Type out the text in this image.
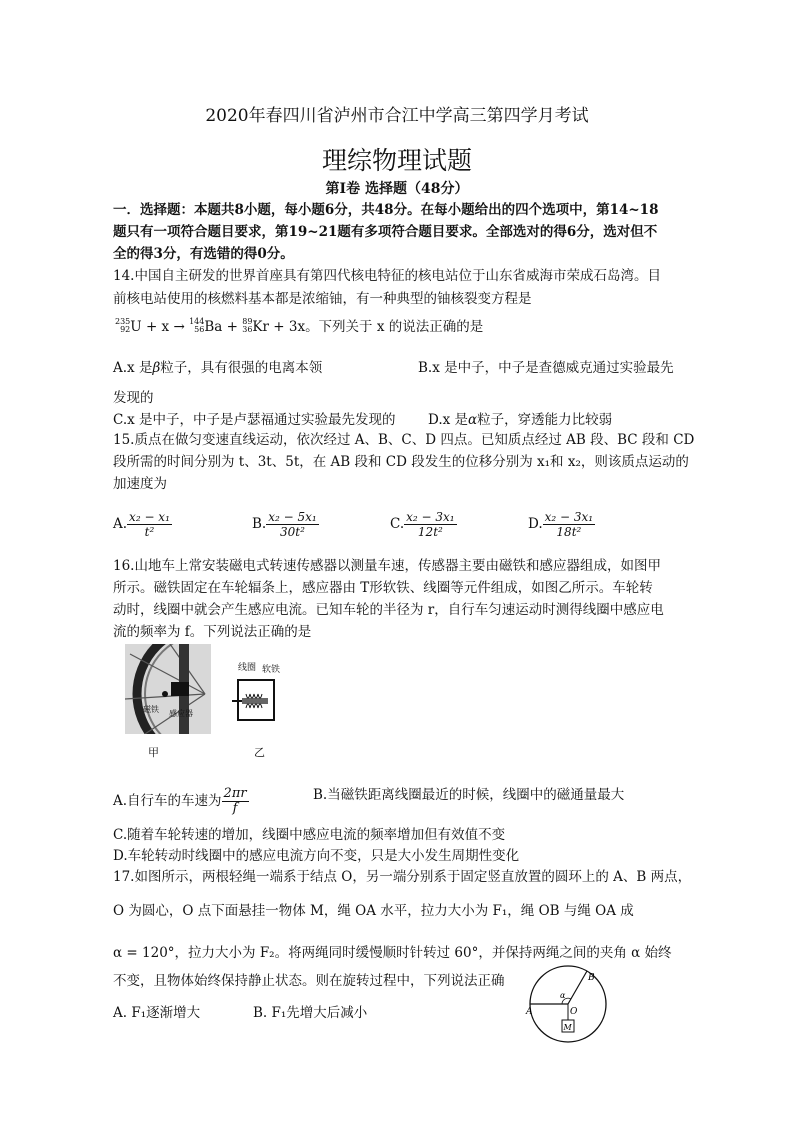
2020年春四川省泸州市合江中学高三第四学月考试
理综物理试题
第Ⅰ卷 选择题（48分）
一．选择题：本题共8小题，每小题6分，共48分。在每小题给出的四个选项中，第14~18
题只有一项符合题目要求，第19~21题有多项符合题目要求。全部选对的得6分，选对但不
全的得3分，有选错的得0分。
14.中国自主研发的世界首座具有第四代核电特征的核电站位于山东省威海市荣成石岛湾。目
前核电站使用的核燃料基本都是浓缩铀，有一种典型的铀核裂变方程是
235
92U + x → 144
56Ba + 89
36Kr + 3x。下列关于 x 的说法正确的是
A.x 是β粒子，具有很强的电离本领	B.x 是中子，中子是查德威克通过实验最先
发现的
C.x 是中子，中子是卢瑟福通过实验最先发现的 D.x 是α粒子，穿透能力比较弱
15.质点在做匀变速直线运动，依次经过 A、B、C、D 四点。已知质点经过 AB 段、BC 段和 CD
段所需的时间分别为 t、3t、5t，在 AB 段和 CD 段发生的位移分别为 x₁和 x₂，则该质点运动的
加速度为
A. $\frac{\text{x₂ − x₁}}{\text{t²}}$	B. $\frac{\text{x₂ − 5x₁}}{\text{30t²}}$	C. $\frac{\text{x₂ − 3x₁}}{\text{12t²}}$	D. $\frac{\text{x₂ − 3x₁}}{\text{18t²}}$
16.山地车上常安装磁电式转速传感器以测量车速，传感器主要由磁铁和感应器组成，如图甲
所示。磁铁固定在车轮辐条上，感应器由 T形软铁、线圈等元件组成，如图乙所示。车轮转
动时，线圈中就会产生感应电流。已知车轮的半径为 r，自行车匀速运动时测得线圈中感应电
流的频率为 f。下列说法正确的是
磁铁 感应器
甲
线圈 软铁
乙
A.自行车的车速为 $\frac{2\pi r}{f}$	B.当磁铁距离线圈最近的时候，线圈中的磁通量最大
C.随着车轮转速的增加，线圈中感应电流的频率增加但有效值不变
D.车轮转动时线圈中的感应电流方向不变，只是大小发生周期性变化
17.如图所示，两根轻绳一端系于结点 O，另一端分别系于固定竖直放置的圆环上的 A、B 两点，
O 为圆心，O 点下面悬挂一物体 M，绳 OA 水平，拉力大小为 F₁，绳 OB 与绳 OA 成
α = 120°，拉力大小为 F₂。将两绳同时缓慢顺时针转过 60°，并保持两绳之间的夹角 α 始终
不变，且物体始终保持静止状态。则在旋转过程中，下列说法正确
A. F₁逐渐增大	B. F₁先增大后减小	A
B
O
M
α
